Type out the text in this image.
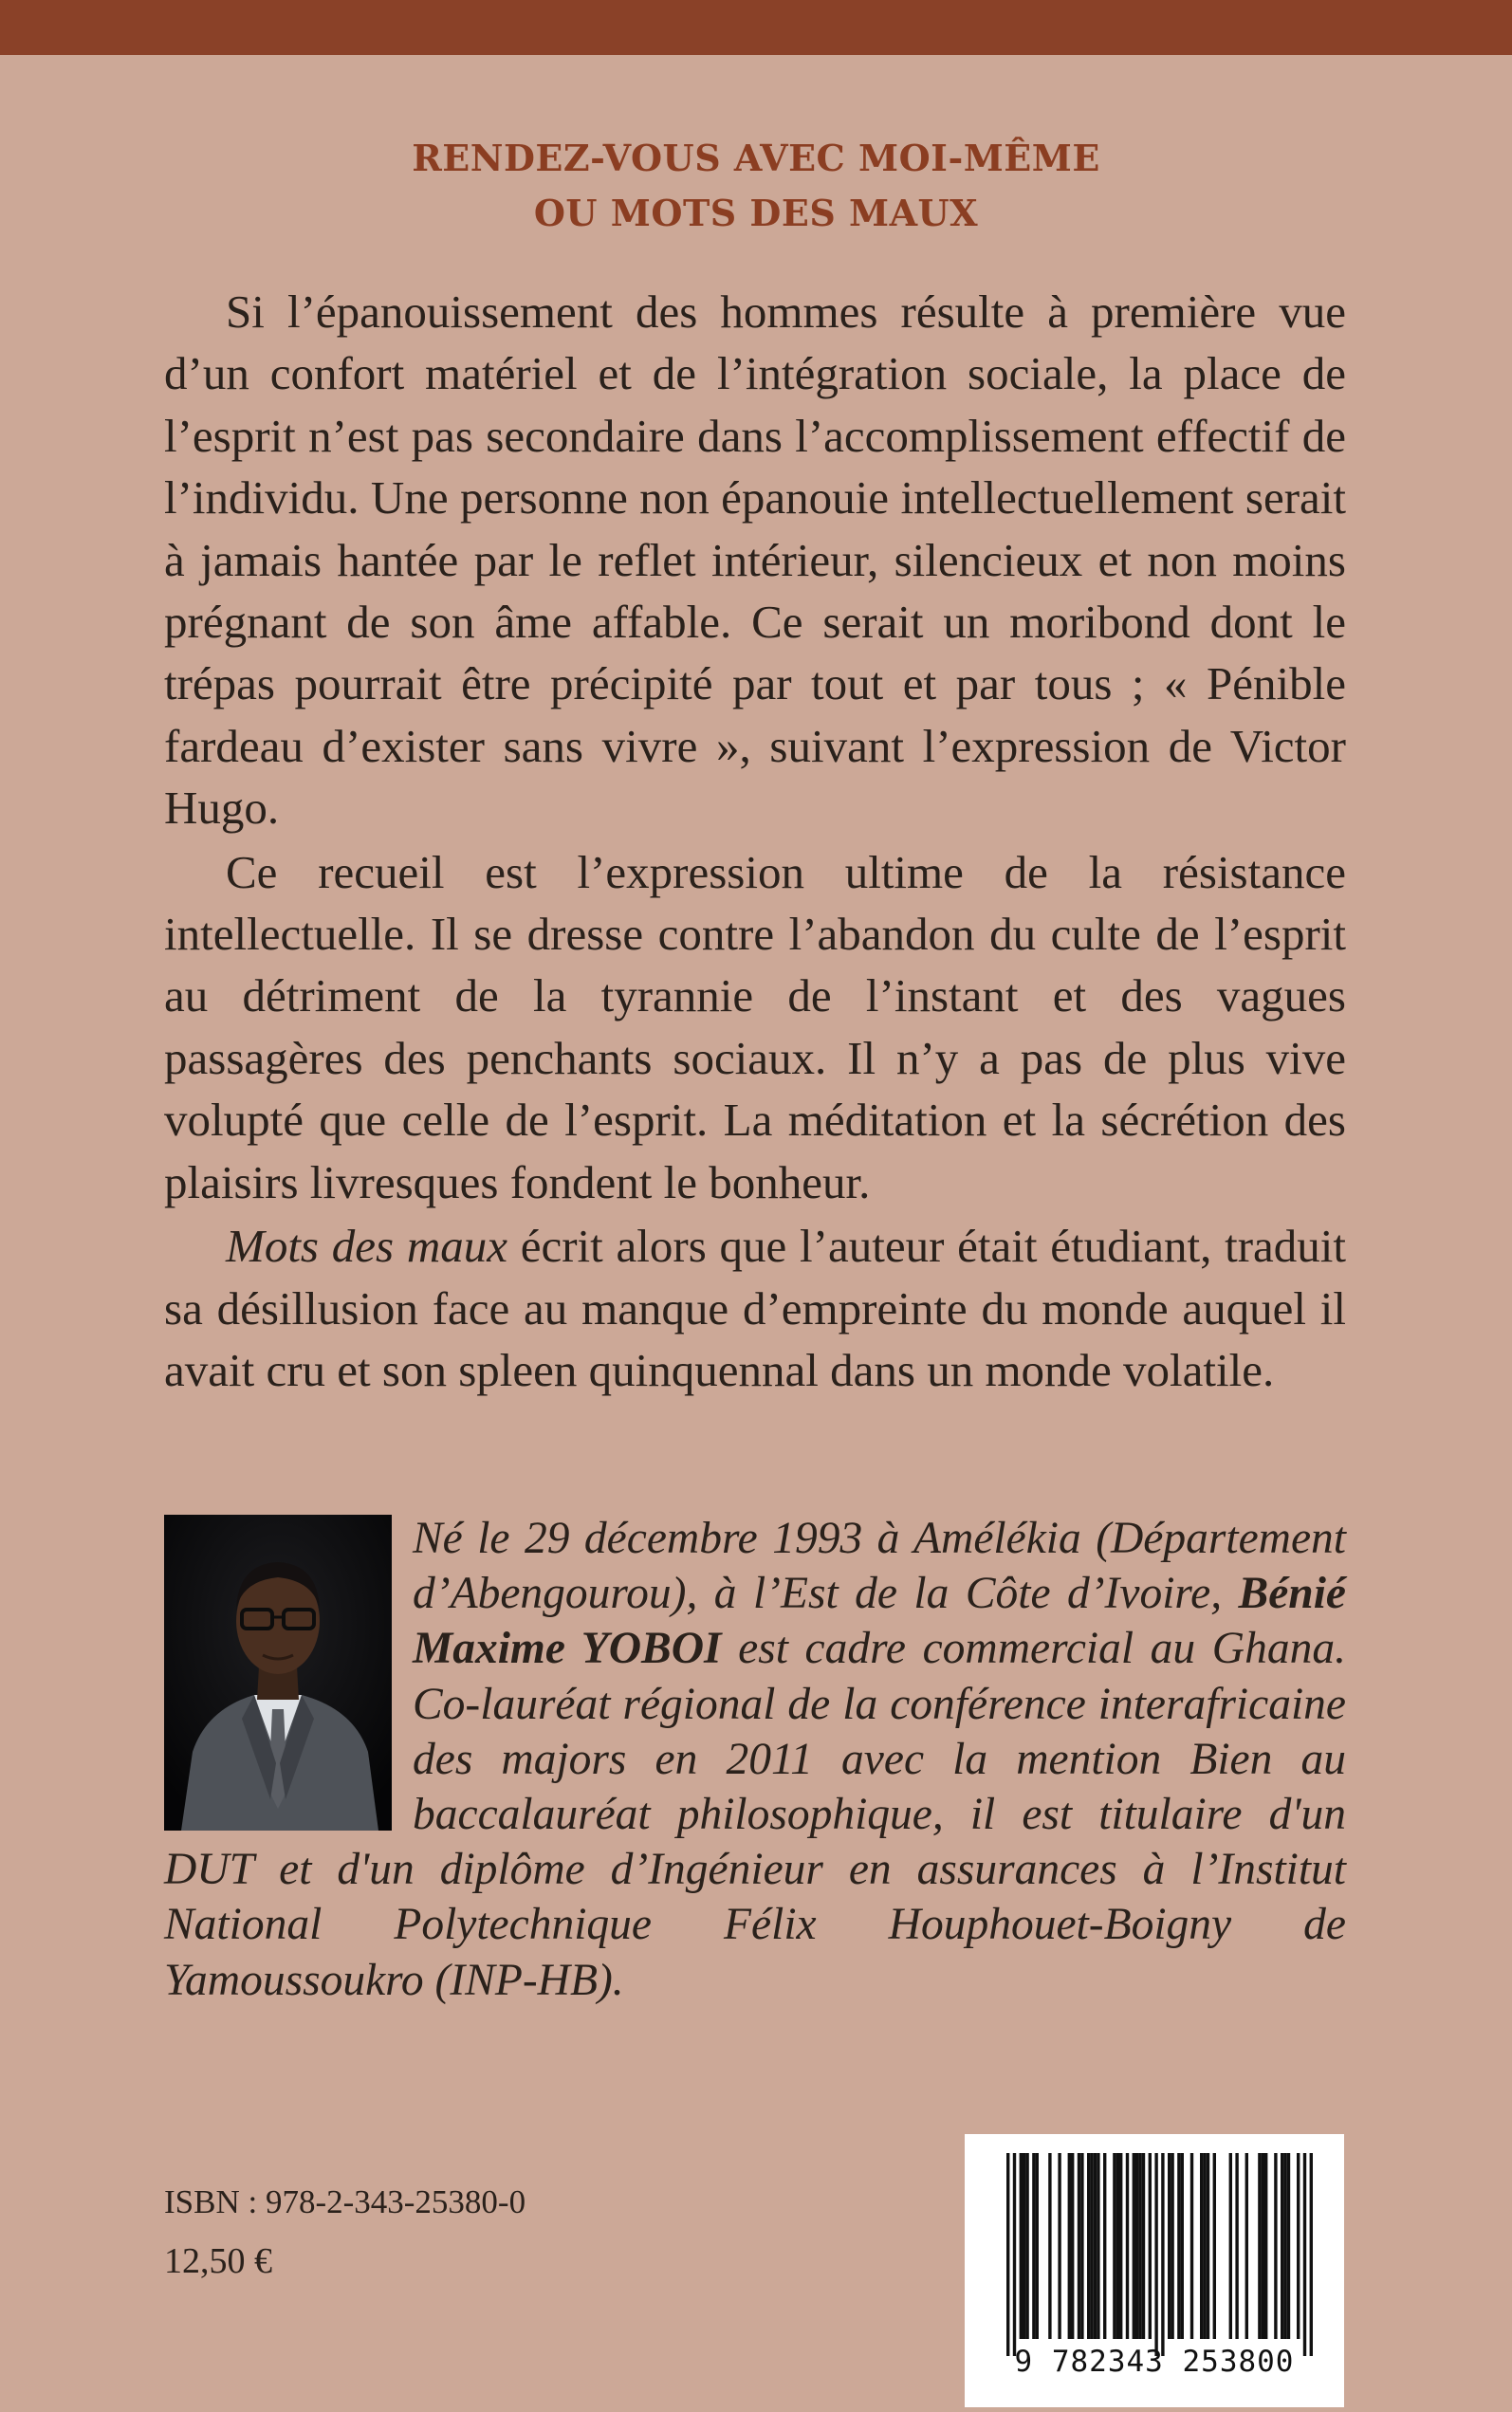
RENDEZ-VOUS AVEC MOI-MÊME
OU MOTS DES MAUX

Si l’épanouissement des hommes résulte à première vue d’un confort matériel et de l’intégration sociale, la place de l’esprit n’est pas secondaire dans l’accomplissement effectif de l’individu. Une personne non épanouie intellectuellement serait à jamais hantée par le reflet intérieur, silencieux et non moins prégnant de son âme affable. Ce serait un moribond dont le trépas pourrait être précipité par tout et par tous ; « Pénible fardeau d’exister sans vivre », suivant l’expression de Victor Hugo.

Ce recueil est l’expression ultime de la résistance intellectuelle. Il se dresse contre l’abandon du culte de l’esprit au détriment de la tyrannie de l’instant et des vagues passagères des penchants sociaux. Il n’y a pas de plus vive volupté que celle de l’esprit. La méditation et la sécrétion des plaisirs livresques fondent le bonheur.

Mots des maux écrit alors que l’auteur était étudiant, traduit sa désillusion face au manque d’empreinte du monde auquel il avait cru et son spleen quinquennal dans un monde volatile.

Né le 29 décembre 1993 à Amélékia (Département d’Abengourou), à l’Est de la Côte d’Ivoire, Bénié Maxime YOBOI est cadre commercial au Ghana. Co-lauréat régional de la conférence interafricaine des majors en 2011 avec la mention Bien au baccalauréat philosophique, il est titulaire d'un DUT et d'un diplôme d’Ingénieur en assurances à l’Institut National Polytechnique Félix Houphouet-Boigny de Yamoussoukro (INP-HB).
ISBN : 978-2-343-25380-0
12,50 €
9 782343 253800
